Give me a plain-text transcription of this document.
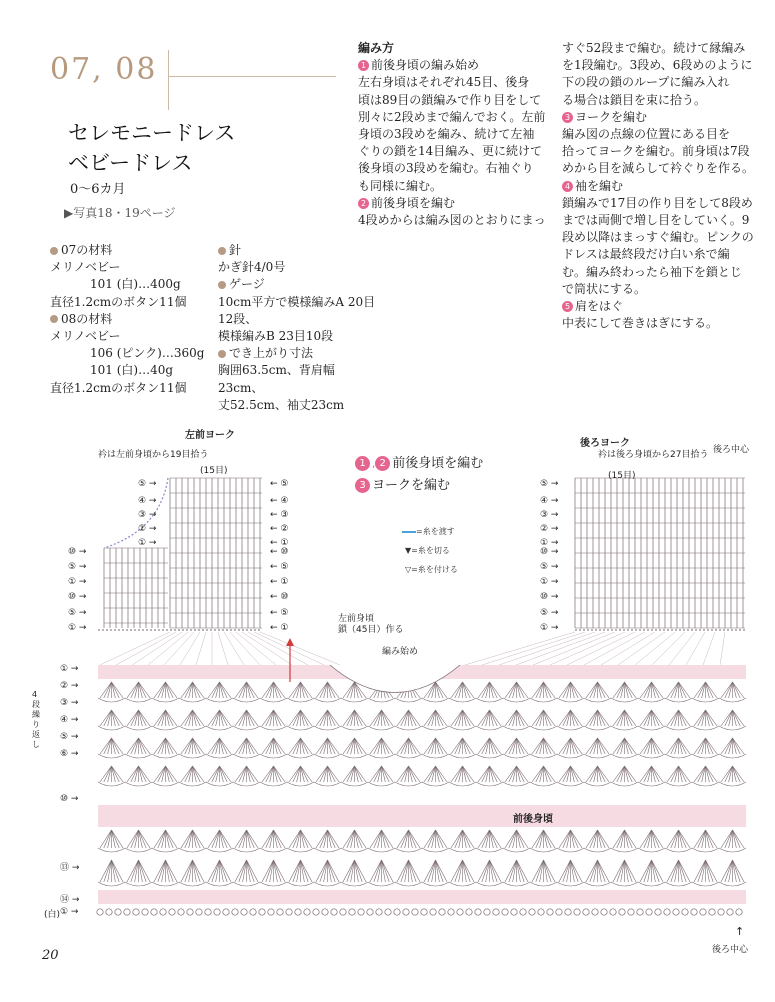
07, 08
セレモニードレス
ベビードレス
0〜6カ月
▶写真18・19ページ
07の材料
メリノベビー
101 (白)…400g
直径1.2cmのボタン11個
08の材料
メリノベビー
106 (ピンク)…360g
101 (白)…40g
直径1.2cmのボタン11個
針
かぎ針4/0号
ゲージ
10cm平方で模様編みA 20目12段、
模様編みB 23目10段
でき上がり寸法
胸囲63.5cm、背肩幅23cm、
丈52.5cm、袖丈23cm
編み方
1 前後身頃の編み始め
左右身頃はそれぞれ45目、後身
頃は89目の鎖編みで作り目をして
別々に2段めまで編んでおく。左前
身頃の3段めを編み、続けて左袖
ぐりの鎖を14目編み、更に続けて
後身頃の3段めを編む。右袖ぐり
も同様に編む。
2 前後身頃を編む
4段めからは編み図のとおりにまっ
すぐ52段まで編む。続けて縁編み
を1段編む。3段め、6段めのように
下の段の鎖のループに編み入れ
る場合は鎖目を束に拾う。
3 ヨークを編む
編み図の点線の位置にある目を
拾ってヨークを編む。前身頃は7段
めから目を減らして衿ぐりを作る。
4 袖を編む
鎖編みで17目の作り目をして8段め
までは両側で増し目をしていく。9
段め以降はまっすぐ編む。ピンクの
ドレスは最終段だけ白い糸で編
む。編み終わったら袖下を鎖とじ
で筒状にする。
5 肩をはぐ
中表にして巻きはぎにする。
左前ヨーク
後ろヨーク
衿は左前身頃から19目拾う	衿は後ろ身頃から27目拾う 後ろ中心
(15目)	(15目)
1 , 2 前後身頃を編む
3 ヨークを編む
=糸を渡す
▼=糸を切る
▽=糸を付ける
左前身頃
鎖（45目）作る
編み始め
4段繰り返し
前後身頃
(白)
後ろ中心
↑
⑤ →
④ →
③ →
② →
① →
⑩ →
⑤ →
① →
⑩ →
⑤ →
① →
← ⑤
← ④
← ③
← ②
← ①
← ⑩
← ⑤
← ①
← ⑩
← ⑤
← ①
⑤ →
④ →
③ →
② →
① →
⑩ →
⑤ →
① →
⑩ →
⑤ →
① →
① →
② →
③ →
④ →
⑤ →
⑥ →
⑩ →
⑬ →
⑭ →
① →
20
